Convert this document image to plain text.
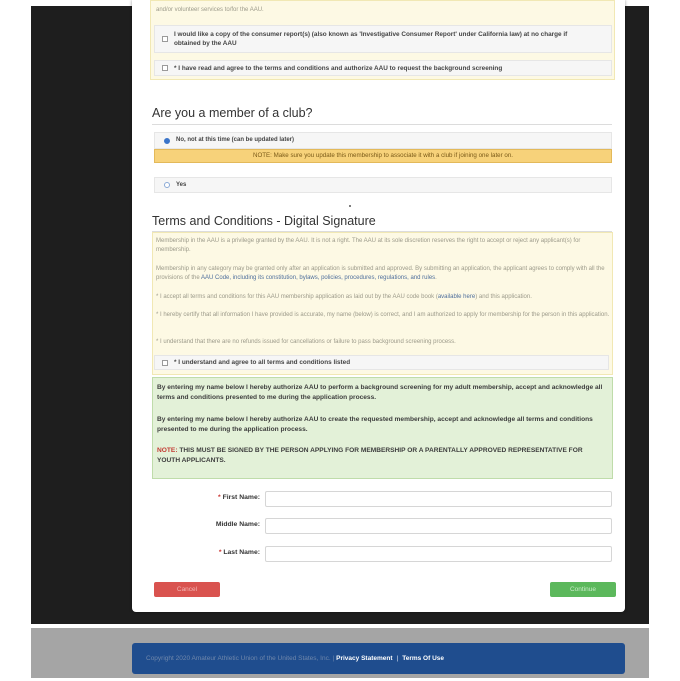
and/or volunteer services to/for the AAU.
I would like a copy of the consumer report(s) (also known as 'Investigative Consumer Report' under California law) at no charge if obtained by the AAU
* I have read and agree to the terms and conditions and authorize AAU to request the background screening
Are you a member of a club?
No, not at this time (can be updated later)
NOTE: Make sure you update this membership to associate it with a club if joining one later on.
Yes
Terms and Conditions - Digital Signature
Membership in the AAU is a privilege granted by the AAU. It is not a right. The AAU at its sole discretion reserves the right to accept or reject any applicant(s) for membership.
Membership in any category may be granted only after an application is submitted and approved. By submitting an application, the applicant agrees to comply with all the provisions of the AAU Code, including its constitution, bylaws, policies, procedures, regulations, and rules.
* I accept all terms and conditions for this AAU membership application as laid out by the AAU code book (available here) and this application.
* I hereby certify that all information I have provided is accurate, my name (below) is correct, and I am authorized to apply for membership for the person in this application.
* I understand that there are no refunds issued for cancellations or failure to pass background screening process.
* I understand and agree to all terms and conditions listed

By entering my name below I hereby authorize AAU to perform a background screening for my adult membership, accept and acknowledge all terms and conditions presented to me during the application process.

By entering my name below I hereby authorize AAU to create the requested membership, accept and acknowledge all terms and conditions presented to me during the application process.

NOTE: THIS MUST BE SIGNED BY THE PERSON APPLYING FOR MEMBERSHIP OR A PARENTALLY APPROVED REPRESENTATIVE FOR YOUTH APPLICANTS.

* First Name:
Middle Name:
* Last Name:
Cancel	Continue
Copyright 2020 Amateur Athletic Union of the United States, Inc. | Privacy Statement | Terms Of Use
